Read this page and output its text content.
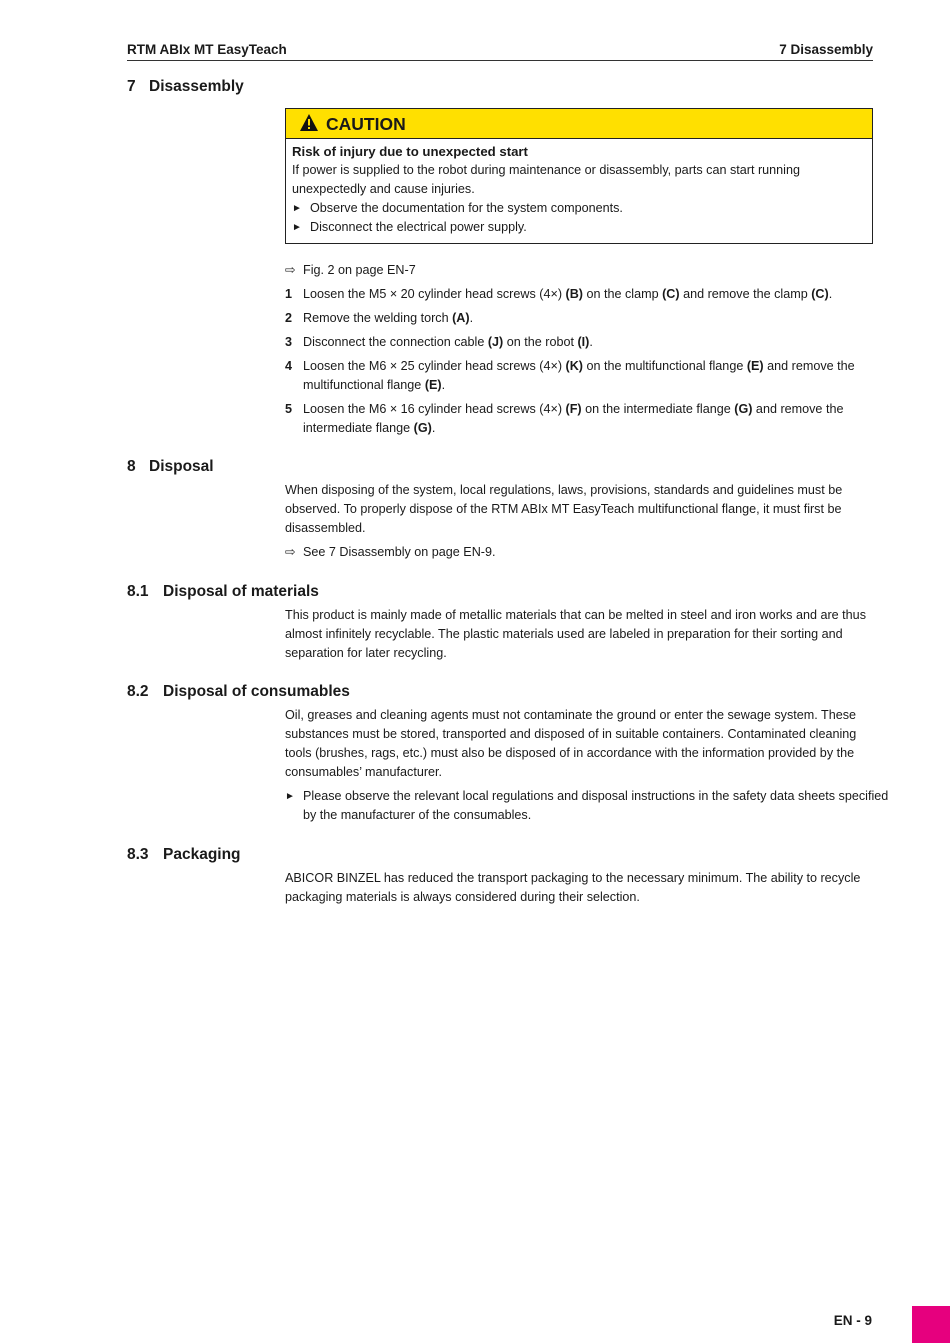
RTM ABIx MT EasyTeach	7 Disassembly
7 Disassembly
CAUTION
Risk of injury due to unexpected start
If power is supplied to the robot during maintenance or disassembly, parts can start running unexpectedly and cause injuries.
► Observe the documentation for the system components.
► Disconnect the electrical power supply.
⇨ Fig. 2 on page EN-7
1 Loosen the M5 × 20 cylinder head screws (4×) (B) on the clamp (C) and remove the clamp (C).
2 Remove the welding torch (A).
3 Disconnect the connection cable (J) on the robot (I).
4 Loosen the M6 × 25 cylinder head screws (4×) (K) on the multifunctional flange (E) and remove the multifunctional flange (E).
5 Loosen the M6 × 16 cylinder head screws (4×) (F) on the intermediate flange (G) and remove the intermediate flange (G).
8 Disposal
When disposing of the system, local regulations, laws, provisions, standards and guidelines must be observed. To properly dispose of the RTM ABIx MT EasyTeach multifunctional flange, it must first be disassembled.
⇨ See 7 Disassembly on page EN-9.
8.1 Disposal of materials
This product is mainly made of metallic materials that can be melted in steel and iron works and are thus almost infinitely recyclable. The plastic materials used are labeled in preparation for their sorting and separation for later recycling.
8.2 Disposal of consumables
Oil, greases and cleaning agents must not contaminate the ground or enter the sewage system. These substances must be stored, transported and disposed of in suitable containers. Contaminated cleaning tools (brushes, rags, etc.) must also be disposed of in accordance with the information provided by the consumables’ manufacturer.
► Please observe the relevant local regulations and disposal instructions in the safety data sheets specified by the manufacturer of the consumables.
8.3 Packaging
ABICOR BINZEL has reduced the transport packaging to the necessary minimum. The ability to recycle packaging materials is always considered during their selection.
EN - 9
